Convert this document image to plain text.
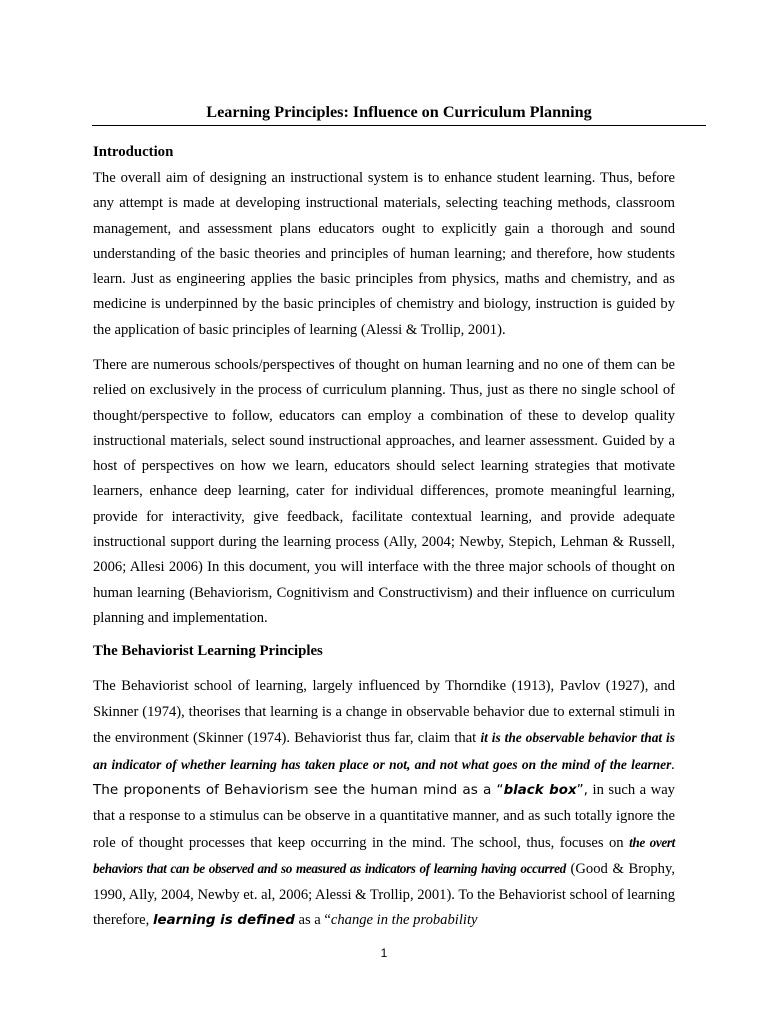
Learning Principles: Influence on Curriculum Planning
Introduction

The overall aim of designing an instructional system is to enhance student learning. Thus, before any attempt is made at developing instructional materials, selecting teaching methods, classroom management, and assessment plans educators ought to explicitly gain a thorough and sound understanding of the basic theories and principles of human learning; and therefore, how students learn. Just as engineering applies the basic principles from physics, maths and chemistry, and as medicine is underpinned by the basic principles of chemistry and biology, instruction is guided by the application of basic principles of learning (Alessi & Trollip, 2001).

There are numerous schools/perspectives of thought on human learning and no one of them can be relied on exclusively in the process of curriculum planning. Thus, just as there no single school of thought/perspective to follow, educators can employ a combination of these to develop quality instructional materials, select sound instructional approaches, and learner assessment. Guided by a host of perspectives on how we learn, educators should select learning strategies that motivate learners, enhance deep learning, cater for individual differences, promote meaningful learning, provide for interactivity, give feedback, facilitate contextual learning, and provide adequate instructional support during the learning process (Ally, 2004; Newby, Stepich, Lehman & Russell, 2006; Allesi 2006) In this document, you will interface with the three major schools of thought on human learning (Behaviorism, Cognitivism and Constructivism) and their influence on curriculum planning and implementation.

The Behaviorist Learning Principles

The Behaviorist school of learning, largely influenced by Thorndike (1913), Pavlov (1927), and Skinner (1974), theorises that learning is a change in observable behavior due to external stimuli in the environment (Skinner (1974). Behaviorist thus far, claim that it is the observable behavior that is an indicator of whether learning has taken place or not, and not what goes on the mind of the learner. The proponents of Behaviorism see the human mind as a “black box”, in such a way that a response to a stimulus can be observe in a quantitative manner, and as such totally ignore the role of thought processes that keep occurring in the mind. The school, thus, focuses on the overt behaviors that can be observed and so measured as indicators of learning having occurred (Good & Brophy, 1990, Ally, 2004, Newby et. al, 2006; Alessi & Trollip, 2001). To the Behaviorist school of learning therefore, learning is defined as a “change in the probability

1
